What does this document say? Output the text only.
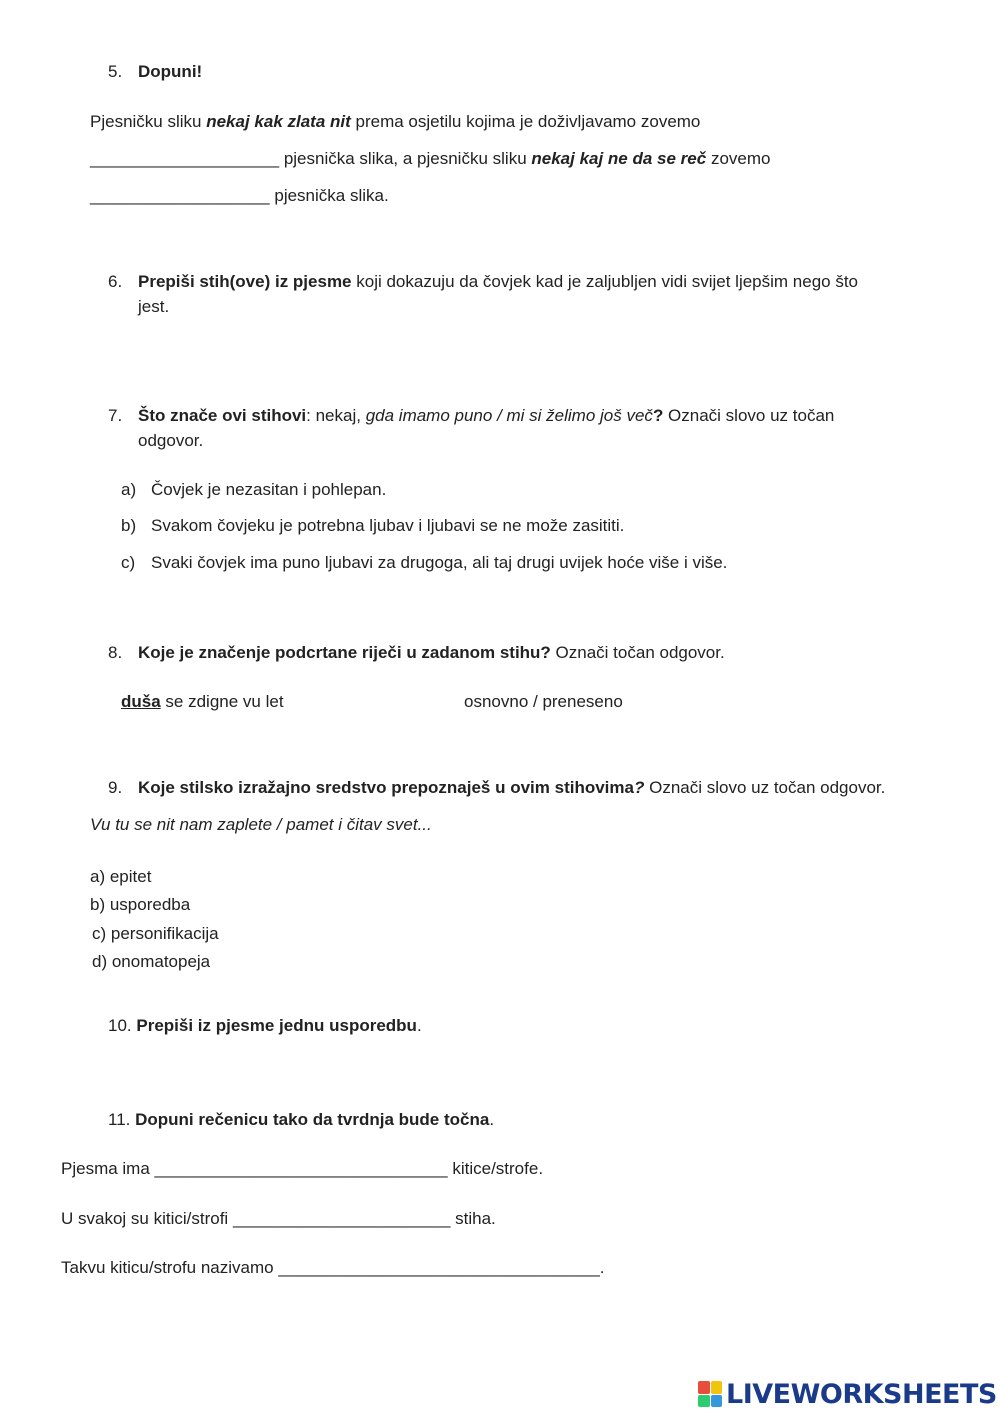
5. Dopuni!
Pjesničku sliku nekaj kak zlata nit prema osjetilu kojima je doživljavamo zovemo
____________________ pjesnička slika, a pjesničku sliku nekaj kaj ne da se reč zovemo
___________________ pjesnička slika.
6. Prepiši stih(ove) iz pjesme koji dokazuju da čovjek kad je zaljubljen vidi svijet ljepšim nego što
jest.
7. Što znače ovi stihovi: nekaj, gda imamo puno / mi si želimo još več? Označi slovo uz točan
odgovor.
a) Čovjek je nezasitan i pohlepan.
b) Svakom čovjeku je potrebna ljubav i ljubavi se ne može zasititi.
c) Svaki čovjek ima puno ljubavi za drugoga, ali taj drugi uvijek hoće više i više.
8. Koje je značenje podcrtane riječi u zadanom stihu? Označi točan odgovor.
duša se zdigne vu let	osnovno / preneseno
9. Koje stilsko izražajno sredstvo prepoznaješ u ovim stihovima? Označi slovo uz točan odgovor.
Vu tu se nit nam zaplete / pamet i čitav svet...
a) epitet
b) usporedba
c) personifikacija
d) onomatopeja
10. Prepiši iz pjesme jednu usporedbu.
11. Dopuni rečenicu tako da tvrdnja bude točna.
Pjesma ima _______________________________ kitice/strofe.
U svakoj su kitici/strofi _______________________ stiha.
Takvu kiticu/strofu nazivamo __________________________________.
LIVEWORKSHEETS
